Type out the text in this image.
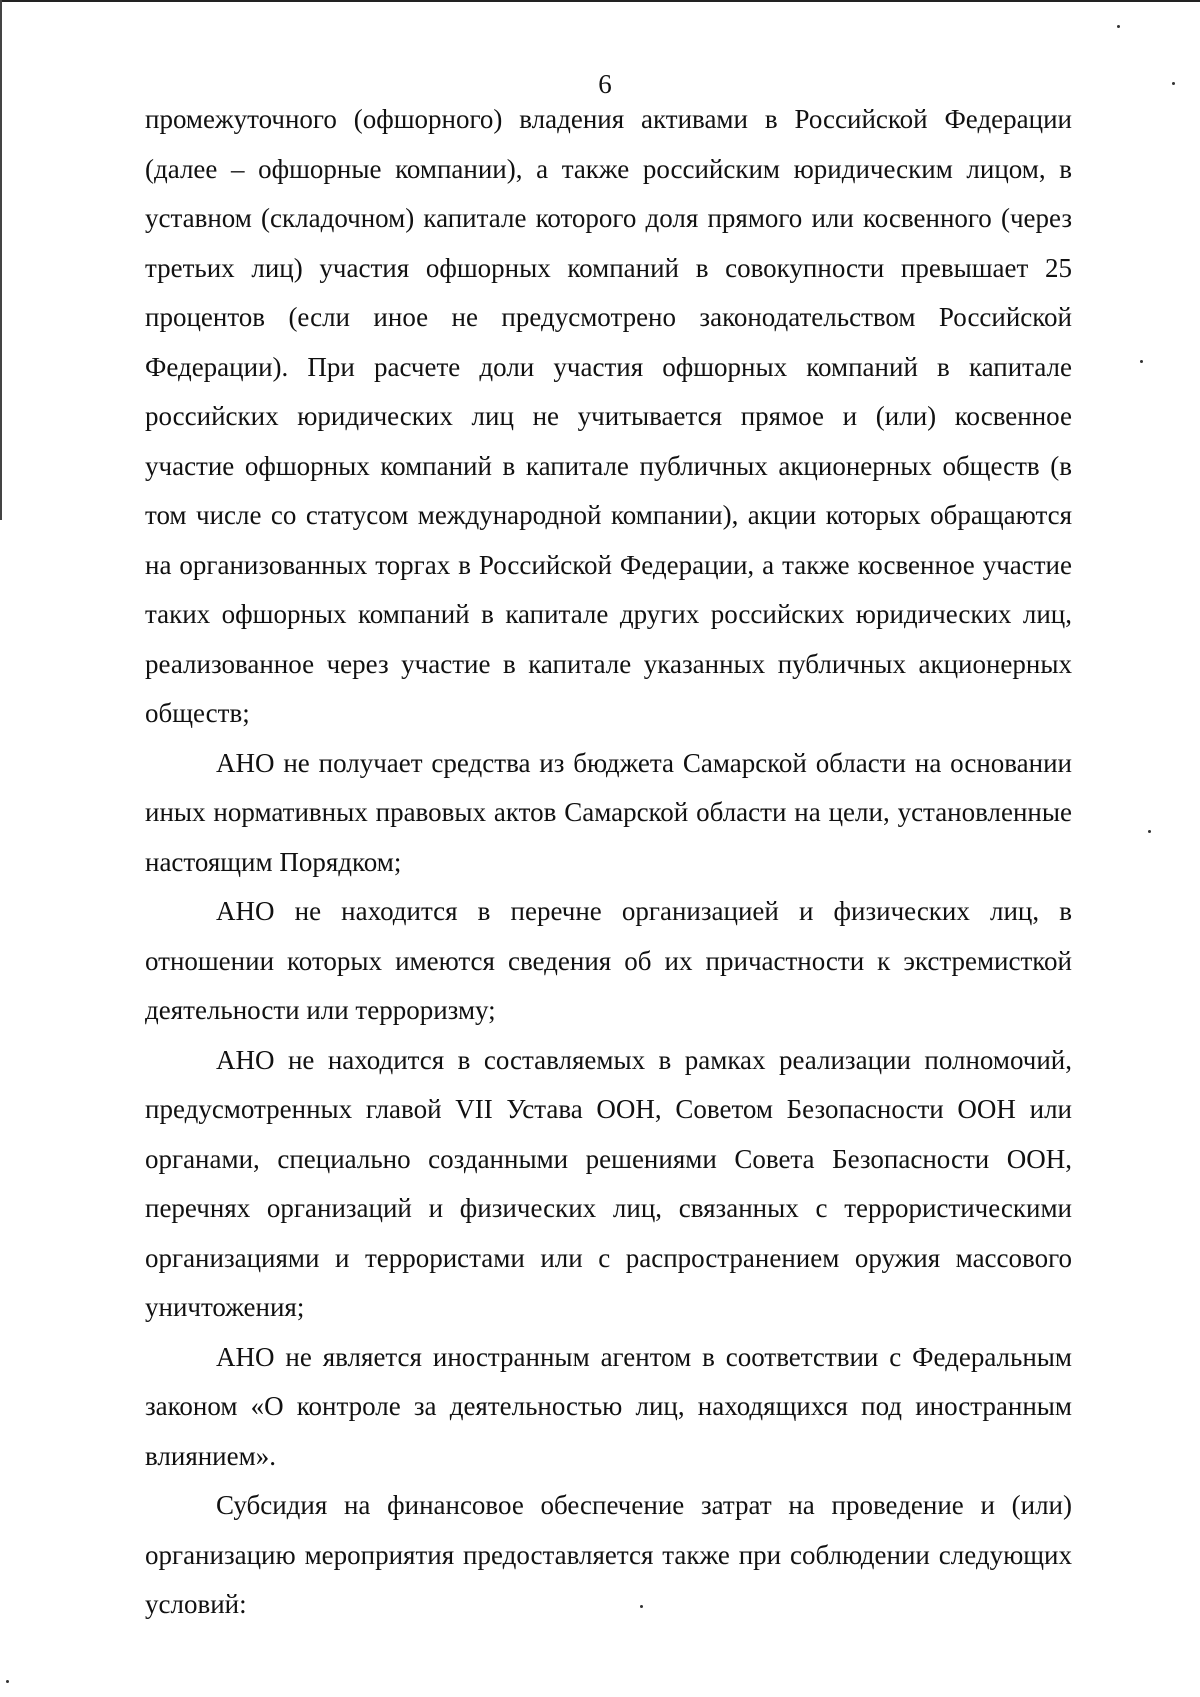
6

промежуточного (офшорного) владения активами в Российской Федерации (далее – офшорные компании), а также российским юридическим лицом, в уставном (складочном) капитале которого доля прямого или косвенного (через третьих лиц) участия офшорных компаний в совокупности превышает 25 процентов (если иное не предусмотрено законодательством Российской Федерации). При расчете доли участия офшорных компаний в капитале российских юридических лиц не учитывается прямое и (или) косвенное участие офшорных компаний в капитале публичных акционерных обществ (в том числе со статусом международной компании), акции которых обращаются на организованных торгах в Российской Федерации, а также косвенное участие таких офшорных компаний в капитале других российских юридических лиц, реализованное через участие в капитале указанных публичных акционерных обществ;

АНО не получает средства из бюджета Самарской области на основании иных нормативных правовых актов Самарской области на цели, установленные настоящим Порядком;

АНО не находится в перечне организацией и физических лиц, в отношении которых имеются сведения об их причастности к экстремисткой деятельности или терроризму;

АНО не находится в составляемых в рамках реализации полномочий, предусмотренных главой VII Устава ООН, Советом Безопасности ООН или органами, специально созданными решениями Совета Безопасности ООН, перечнях организаций и физических лиц, связанных с террористическими организациями и террористами или с распространением оружия массового уничтожения;

АНО не является иностранным агентом в соответствии с Федеральным законом «О контроле за деятельностью лиц, находящихся под иностранным влиянием».

Субсидия на финансовое обеспечение затрат на проведение и (или) организацию мероприятия предоставляется также при соблюдении следующих условий:
